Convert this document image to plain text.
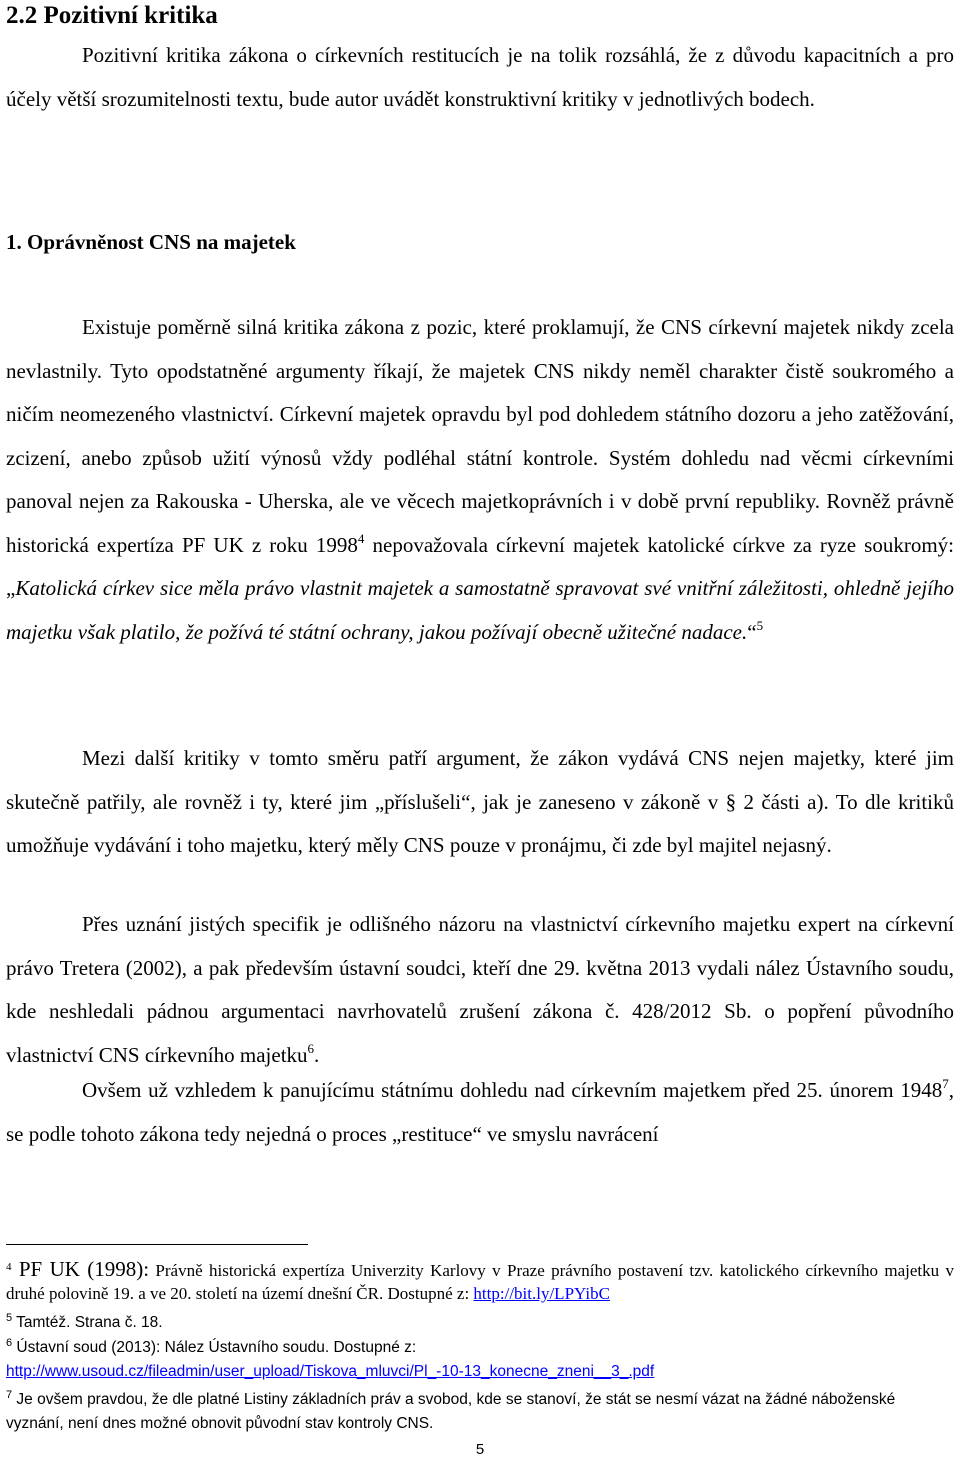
2.2 Pozitivní kritika
Pozitivní kritika zákona o církevních restitucích je na tolik rozsáhlá, že z důvodu kapacitních a pro účely větší srozumitelnosti textu, bude autor uvádět konstruktivní kritiky v jednotlivých bodech.
1. Oprávněnost CNS na majetek
Existuje poměrně silná kritika zákona z pozic, které proklamují, že CNS církevní majetek nikdy zcela nevlastnily. Tyto opodstatněné argumenty říkají, že majetek CNS nikdy neměl charakter čistě soukromého a ničím neomezeného vlastnictví. Církevní majetek opravdu byl pod dohledem státního dozoru a jeho zatěžování, zcizení, anebo způsob užití výnosů vždy podléhal státní kontrole. Systém dohledu nad věcmi církevními panoval nejen za Rakouska - Uherska, ale ve věcech majetkoprávních i v době první republiky. Rovněž právně historická expertíza PF UK z roku 1998$^4$ nepovažovala církevní majetek katolické církve za ryze soukromý: „Katolická církev sice měla právo vlastnit majetek a samostatně spravovat své vnitřní záležitosti, ohledně jejího majetku však platilo, že požívá té státní ochrany, jakou požívají obecně užitečné nadace.“$^5$
Mezi další kritiky v tomto směru patří argument, že zákon vydává CNS nejen majetky, které jim skutečně patřily, ale rovněž i ty, které jim „příslušeli“, jak je zaneseno v zákoně v § 2 části a). To dle kritiků umožňuje vydávání i toho majetku, který měly CNS pouze v pronájmu, či zde byl majitel nejasný.
Přes uznání jistých specifik je odlišného názoru na vlastnictví církevního majetku expert na církevní právo Tretera (2002), a pak především ústavní soudci, kteří dne 29. května 2013 vydali nález Ústavního soudu, kde neshledali pádnou argumentaci navrhovatelů zrušení zákona č. 428/2012 Sb. o popření původního vlastnictví CNS církevního majetku$^6$.
Ovšem už vzhledem k panujícímu státnímu dohledu nad církevním majetkem před 25. únorem 1948$^7$, se podle tohoto zákona tedy nejedná o proces „restituce“ ve smyslu navrácení
$^4$ PF UK (1998): Právně historická expertíza Univerzity Karlovy v Praze právního postavení tzv. katolického církevního majetku v druhé polovině 19. a ve 20. století na území dnešní ČR. Dostupné z: http://bit.ly/LPYibC
$^5$ Tamtéž. Strana č. 18.
$^6$ Ústavní soud (2013): Nález Ústavního soudu. Dostupné z:
http://www.usoud.cz/fileadmin/user_upload/Tiskova_mluvci/Pl_-10-13_konecne_zneni__3_.pdf
$^7$ Je ovšem pravdou, že dle platné Listiny základních práv a svobod, kde se stanoví, že stát se nesmí vázat na žádné náboženské vyznání, není dnes možné obnovit původní stav kontroly CNS.
5
